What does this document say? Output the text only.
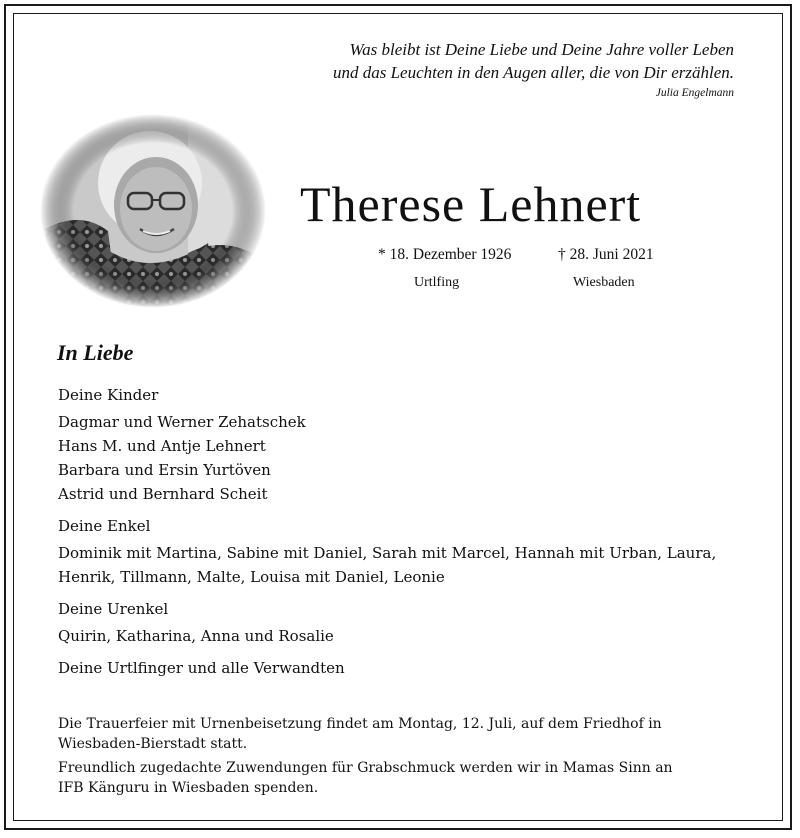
Was bleibt ist Deine Liebe und Deine Jahre voller Leben
und das Leuchten in den Augen aller, die von Dir erzählen.
Julia Engelmann
Therese Lehnert
* 18. Dezember 1926	† 28. Juni 2021
Urtlfing	Wiesbaden
In Liebe

Deine Kinder

Dagmar und Werner Zehatschek
Hans M. und Antje Lehnert
Barbara und Ersin Yurtöven
Astrid und Bernhard Scheit

Deine Enkel

Dominik mit Martina, Sabine mit Daniel, Sarah mit Marcel, Hannah mit Urban, Laura,
Henrik, Tillmann, Malte, Louisa mit Daniel, Leonie

Deine Urenkel

Quirin, Katharina, Anna und Rosalie

Deine Urtlfinger und alle Verwandten

Die Trauerfeier mit Urnenbeisetzung findet am Montag, 12. Juli, auf dem Friedhof in
Wiesbaden-Bierstadt statt.

Freundlich zugedachte Zuwendungen für Grabschmuck werden wir in Mamas Sinn an
IFB Känguru in Wiesbaden spenden.
